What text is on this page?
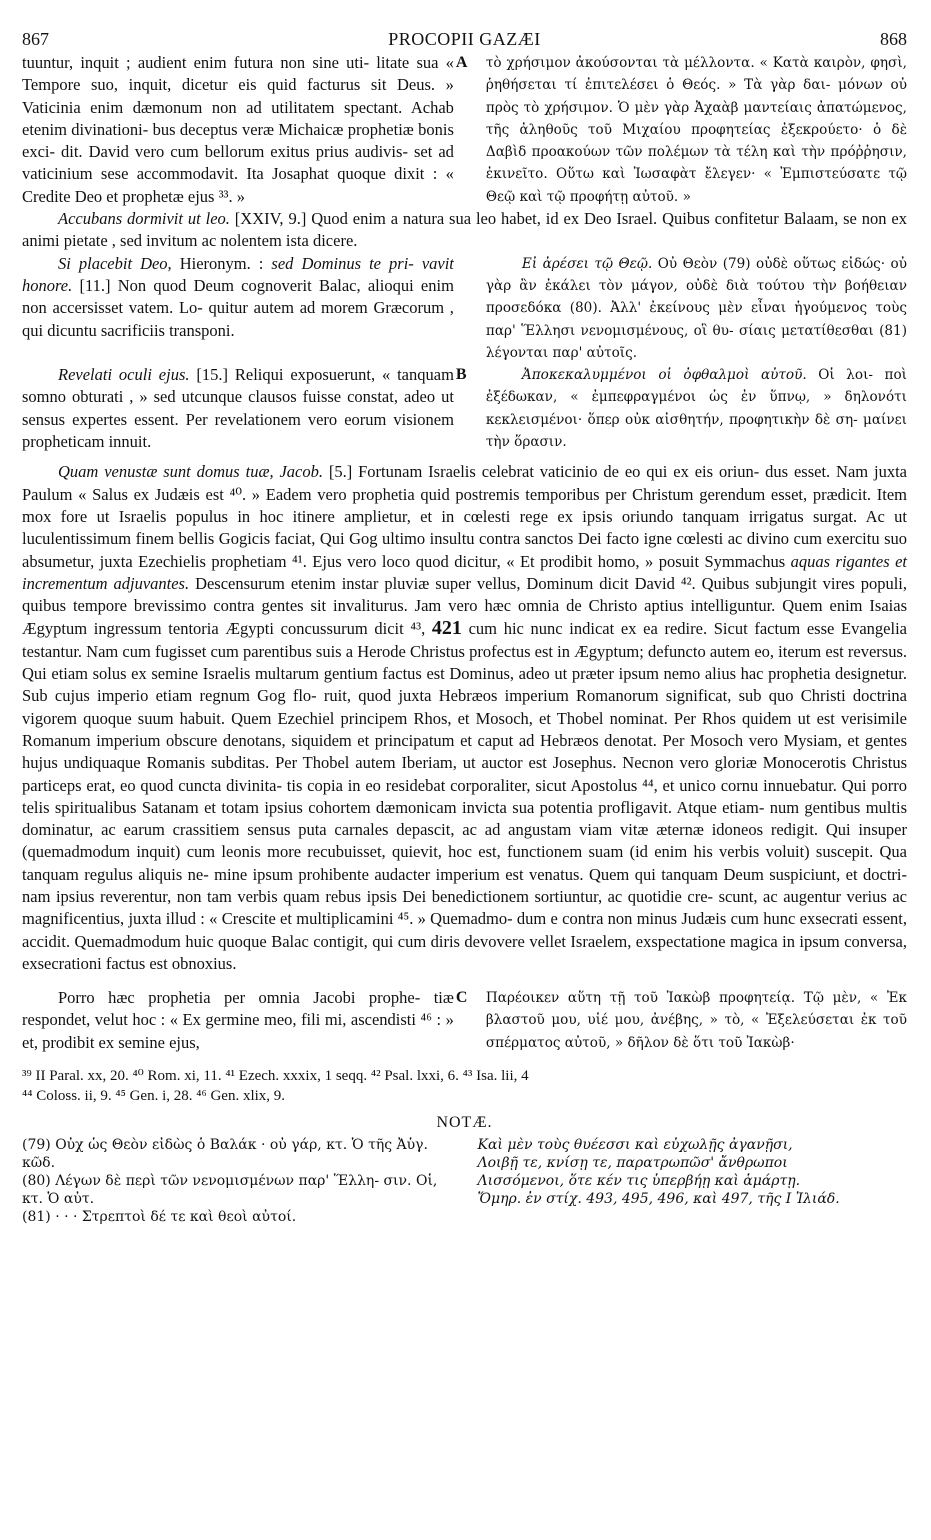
867	PROCOPII GAZÆI	868
tuuntur, inquit ; audient enim futura non sine uti- litate sua « Tempore suo, inquit, dicetur eis quid facturus sit Deus. » Vaticinia enim dæmonum non ad utilitatem spectant. Achab etenim divinationi- bus deceptus veræ Michaicæ prophetiæ bonis exci- dit. David vero cum bellorum exitus prius audivis- set ad vaticinium sese accommodavit. Ita Josaphat quoque dixit : « Credite Deo et prophetæ ejus ³³. »
A τὸ χρήσιμον ἀκούσονται τὰ μέλλοντα. « Κατὰ καιρὸν, φησὶ, ῥηθήσεται τί ἐπιτελέσει ὁ Θεός. » Τὰ γὰρ δαι- μόνων οὐ πρὸς τὸ χρήσιμον. Ὁ μὲν γὰρ Ἀχαὰβ μαντείαις ἀπατώμενος, τῆς ἀληθοῦς τοῦ Μιχαίου προφητείας ἐξεκρούετο· ὁ δὲ Δαβὶδ προακούων τῶν πολέμων τὰ τέλη καὶ τὴν πρόῤῥησιν, ἐκινεῖτο. Οὕτω καὶ Ἰωσαφὰτ ἔλεγεν· « Ἐμπιστεύσατε τῷ Θεῷ καὶ τῷ προφήτῃ αὐτοῦ. »
Accubans dormivit ut leo. [XXIV, 9.] Quod enim a natura sua leo habet, id ex Deo Israel. Quibus confitetur Balaam, se non ex animi pietate , sed invitum ac nolentem ista dicere.
Si placebit Deo, Hieronym. : sed Dominus te pri- vavit honore. [11.] Non quod Deum cognoverit Balac, alioqui enim non accersisset vatem. Lo- quitur autem ad morem Græcorum , qui dicuntu sacrificiis transponi.
Εἰ ἀρέσει τῷ Θεῷ. Οὐ Θεὸν (79) οὐδὲ οὕτως εἰδώς· οὐ γὰρ ἂν ἐκάλει τὸν μάγον, οὐδὲ διὰ τούτου τὴν βοήθειαν προσεδόκα (80). Ἀλλ' ἐκείνους μὲν εἶναι ἡγούμενος τοὺς παρ' Ἕλλησι νενομισμένους, οἳ θυ- σίαις μετατίθεσθαι (81) λέγονται παρ' αὐτοῖς.
Revelati oculi ejus. [15.] Reliqui exposuerunt, « tanquam somno obturati , » sed utcunque clausos fuisse constat, adeo ut sensus expertes essent. Per revelationem vero eorum visionem propheticam innuit.
B	Ἀποκεκαλυμμένοι οἱ ὀφθαλμοὶ αὐτοῦ. Οἱ λοι- ποὶ ἐξέδωκαν, « ἐμπεφραγμένοι ὡς ἐν ὕπνῳ, » δηλονότι κεκλεισμένοι· ὅπερ οὐκ αἰσθητήν, προφητικὴν δὲ ση- μαίνει τὴν ὅρασιν.
Quam venustæ sunt domus tuæ, Jacob. [5.] Fortunam Israelis celebrat vaticinio de eo qui ex eis oriun- dus esset. Nam juxta Paulum « Salus ex Judæis est ⁴⁰. » Eadem vero prophetia quid postremis temporibus per Christum gerendum esset, prædicit. Item mox fore ut Israelis populus in hoc itinere amplietur, et in cœlesti rege ex ipsis oriundo tanquam irrigatus surgat. Ac ut luculentissimum finem bellis Gogicis faciat, Qui Gog ultimo insultu contra sanctos Dei facto igne cœlesti ac divino cum exercitu suo absumetur, juxta Ezechielis prophetiam ⁴¹. Ejus vero loco quod dicitur, « Et prodibit homo, » posuit Symmachus aquas rigantes et incrementum adjuvantes. Descensurum etenim instar pluviæ super vellus, Dominum dicit David ⁴². Quibus subjungit vires populi, quibus tempore brevissimo contra gentes sit invaliturus. Jam vero hæc omnia de Christo aptius intelliguntur. Quem enim Isaias Ægyptum ingressum tentoria Ægypti concussurum dicit ⁴³, 421 cum hic nunc indicat ex ea redire. Sicut factum esse Evangelia testantur. Nam cum fugisset cum parentibus suis a Herode Christus profectus est in Ægyptum; defuncto autem eo, iterum est reversus. Qui etiam solus ex semine Israelis multarum gentium factus est Dominus, adeo ut præter ipsum nemo alius hac prophetia designetur. Sub cujus imperio etiam regnum Gog flo- ruit, quod juxta Hebræos imperium Romanorum significat, sub quo Christi doctrina vigorem quoque suum habuit. Quem Ezechiel principem Rhos, et Mosoch, et Thobel nominat. Per Rhos quidem ut est verisimile Romanum imperium obscure denotans, siquidem et principatum et caput ad Hebræos denotat. Per Mosoch vero Mysiam, et gentes hujus undiquaque Romanis subditas. Per Thobel autem Iberiam, ut auctor est Josephus. Necnon vero gloriæ Monocerotis Christus particeps erat, eo quod cuncta divinita- tis copia in eo residebat corporaliter, sicut Apostolus ⁴⁴, et unico cornu innuebatur. Qui porro telis spiritualibus Satanam et totam ipsius cohortem dæmonicam invicta sua potentia profligavit. Atque etiam- num gentibus multis dominatur, ac earum crassitiem sensus puta carnales depascit, ac ad angustam viam vitæ æternæ idoneos redigit. Qui insuper (quemadmodum inquit) cum leonis more recubuisset, quievit, hoc est, functionem suam (id enim his verbis voluit) suscepit. Qua tanquam regulus aliquis ne- mine ipsum prohibente audacter imperium est venatus. Quem qui tanquam Deum suspiciunt, et doctri- nam ipsius reverentur, non tam verbis quam rebus ipsis Dei benedictionem sortiuntur, ac quotidie cre- scunt, ac augentur verius ac magnificentius, juxta illud : « Crescite et multiplicamini ⁴⁵. » Quemadmo- dum e contra non minus Judæis cum hunc exsecrati essent, accidit. Quemadmodum huic quoque Balac contigit, qui cum diris devovere vellet Israelem, exspectatione magica in ipsum conversa, exsecrationi factus est obnoxius.
Porro hæc prophetia per omnia Jacobi prophe- tiæ respondet, velut hoc : « Ex germine meo, fili mi, ascendisti ⁴⁶ : » et, prodibit ex semine ejus,
C Παρέοικεν αὕτη τῇ τοῦ Ἰακὼβ προφητείᾳ. Τῷ μὲν, « Ἐκ βλαστοῦ μου, υἱέ μου, ἀνέβης, » τὸ, « Ἐξελεύσεται ἐκ τοῦ σπέρματος αὐτοῦ, » δῆλον δὲ ὅτι τοῦ Ἰακὼβ·
³⁹ II Paral. xx, 20. ⁴⁰ Rom. xi, 11. ⁴¹ Ezech. xxxix, 1 seqq. ⁴² Psal. lxxi, 6. ⁴³ Isa. lii, 4
⁴⁴ Coloss. ii, 9. ⁴⁵ Gen. i, 28. ⁴⁶ Gen. xlix, 9.
NOTÆ.
(79) Οὐχ ὡς Θεὸν εἰδὼς ὁ Βαλάκ · οὐ γάρ, κτ. Ὁ τῆς Ἀὑγ. κῶδ.
(80) Λέγων δὲ περὶ τῶν νενομισμένων παρ' Ἕλλη- σιν. Οἱ, κτ. Ὁ αὐτ.
(81) · · · Στρεπτοὶ δέ τε καὶ θεοὶ αὐτοί.
Καὶ μὲν τοὺς θυέεσσι καὶ εὐχωλῇς ἀγανῇσι,
Λοιβῇ τε, κνίσῃ τε, παρατρωπῶσ' ἄνθρωποι
Λισσόμενοι, ὅτε κέν τις ὑπερβήῃ καὶ ἁμάρτῃ.
Ὅμηρ. ἐν στίχ. 493, 495, 496, καὶ 497, τῆς Ι Ἰλιάδ.
